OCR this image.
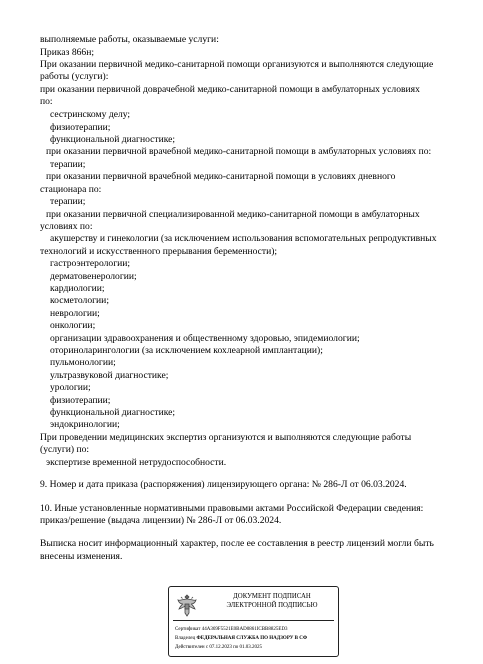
выполняемые работы, оказываемые услуги:
Приказ 866н;
При оказании первичной медико-санитарной помощи организуются и выполняются следующие
работы (услуги):
при оказании первичной доврачебной медико-санитарной помощи в амбулаторных условиях
по:
сестринскому делу;
физиотерапии;
функциональной диагностике;
при оказании первичной врачебной медико-санитарной помощи в амбулаторных условиях по:
терапии;
при оказании первичной врачебной медико-санитарной помощи в условиях дневного
стационара по:
терапии;
при оказании первичной специализированной медико-санитарной помощи в амбулаторных
условиях по:
акушерству и гинекологии (за исключением использования вспомогательных репродуктивных
технологий и искусственного прерывания беременности);
гастроэнтерологии;
дерматовенерологии;
кардиологии;
косметологии;
неврологии;
онкологии;
организации здравоохранения и общественному здоровью, эпидемиологии;
оториноларингологии (за исключением кохлеарной имплантации);
пульмонологии;
ультразвуковой диагностике;
урологии;
физиотерапии;
функциональной диагностике;
эндокринологии;
При проведении медицинских экспертиз организуются и выполняются следующие работы
(услуги) по:
экспертизе временной нетрудоспособности.
9. Номер и дата приказа (распоряжения) лицензирующего органа: № 286-Л от 06.03.2024.
10. Иные установленные нормативными правовыми актами Российской Федерации сведения:
приказ/решение (выдача лицензии) № 286-Л от 06.03.2024.
Выписка носит информационный характер, после ее составления в реестр лицензий могли быть
внесены изменения.
ДОКУМЕНТ ПОДПИСАН
ЭЛЕКТРОННОЙ ПОДПИСЬЮ
Сертификат 44A369F5521E0BAD0861ICBB8825ED3
Владелец ФЕДЕРАЛЬНАЯ СЛУЖБА ПО НАДЗОРУ В СФ
Действителен с 07.12.2023 по 01.03.2025
